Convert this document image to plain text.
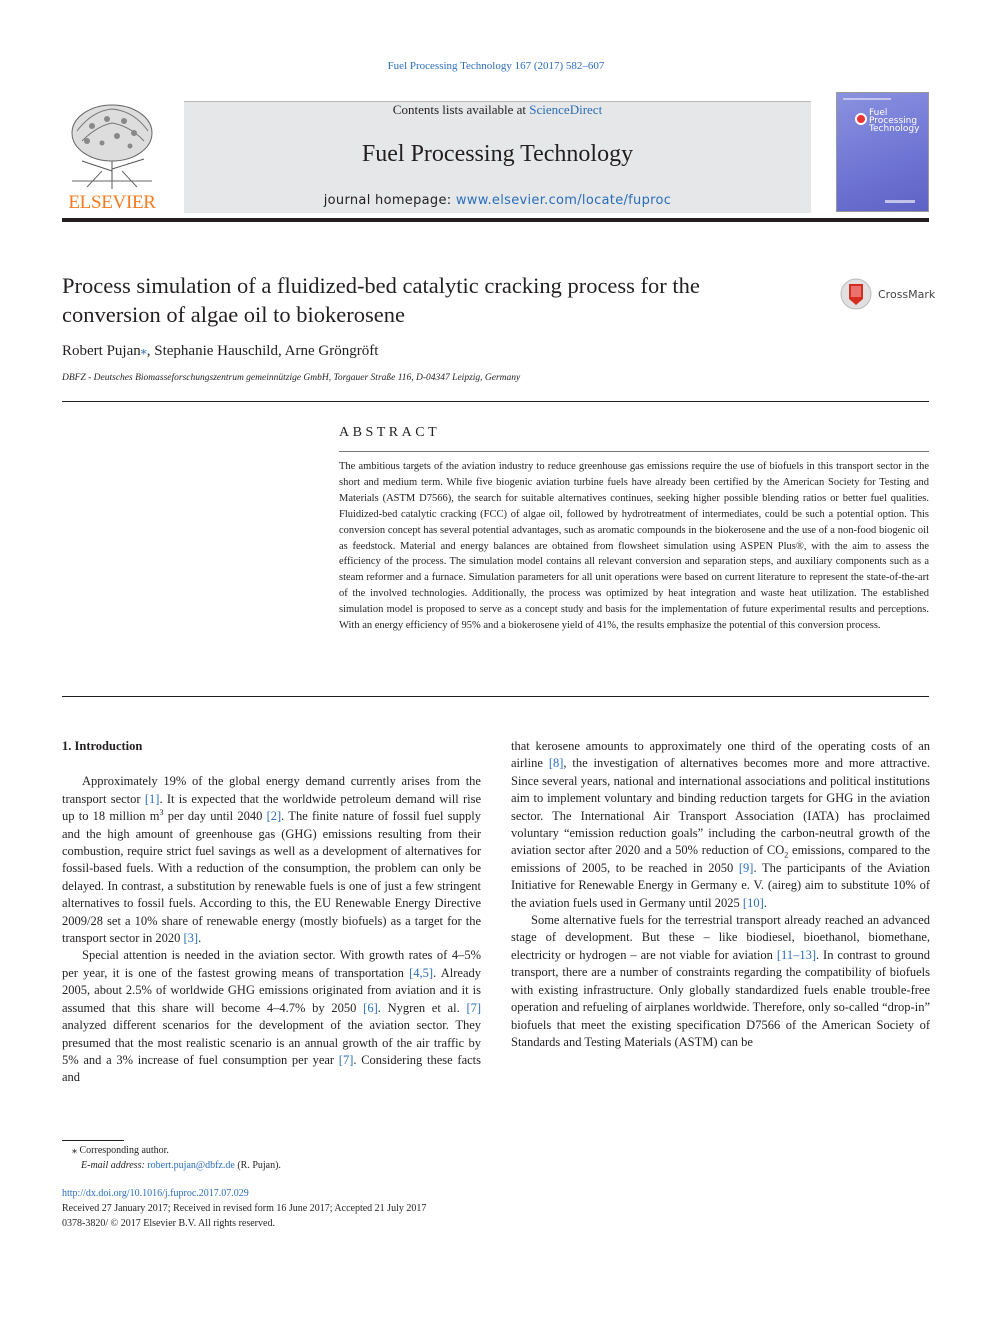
Fuel Processing Technology 167 (2017) 582–607
ELSEVIER
Contents lists available at ScienceDirect
Fuel Processing Technology
journal homepage: www.elsevier.com/locate/fuproc
Fuel Processing Technology
Process simulation of a fluidized-bed catalytic cracking process for the conversion of algae oil to biokerosene
CrossMark
Robert Pujan⁎, Stephanie Hauschild, Arne Gröngröft
DBFZ - Deutsches Biomasseforschungszentrum gemeinnützige GmbH, Torgauer Straße 116, D-04347 Leipzig, Germany
ABSTRACT
The ambitious targets of the aviation industry to reduce greenhouse gas emissions require the use of biofuels in this transport sector in the short and medium term. While five biogenic aviation turbine fuels have already been certified by the American Society for Testing and Materials (ASTM D7566), the search for suitable alternatives continues, seeking higher possible blending ratios or better fuel qualities. Fluidized-bed catalytic cracking (FCC) of algae oil, followed by hydrotreatment of intermediates, could be such a potential option. This conversion concept has several potential advantages, such as aromatic compounds in the biokerosene and the use of a non-food biogenic oil as feedstock. Material and energy balances are obtained from flowsheet simulation using ASPEN Plus®, with the aim to assess the efficiency of the process. The simulation model contains all relevant conversion and separation steps, and auxiliary components such as a steam reformer and a furnace. Simulation parameters for all unit operations were based on current literature to represent the state-of-the-art of the involved technologies. Additionally, the process was optimized by heat integration and waste heat utilization. The established simulation model is proposed to serve as a concept study and basis for the implementation of future experimental results and perceptions. With an energy efficiency of 95% and a biokerosene yield of 41%, the results emphasize the potential of this conversion process.
1. Introduction

Approximately 19% of the global energy demand currently arises from the transport sector [1]. It is expected that the worldwide petroleum demand will rise up to 18 million $m^3$ per day until 2040 [2]. The finite nature of fossil fuel supply and the high amount of greenhouse gas (GHG) emissions resulting from their combustion, require strict fuel savings as well as a development of alternatives for fossil-based fuels. With a reduction of the consumption, the problem can only be delayed. In contrast, a substitution by renewable fuels is one of just a few stringent alternatives to fossil fuels. According to this, the EU Renewable Energy Directive 2009/28 set a 10% share of renewable energy (mostly biofuels) as a target for the transport sector in 2020 [3].

Special attention is needed in the aviation sector. With growth rates of 4–5% per year, it is one of the fastest growing means of transportation [4,5]. Already 2005, about 2.5% of worldwide GHG emissions originated from aviation and it is assumed that this share will become 4–4.7% by 2050 [6]. Nygren et al. [7] analyzed different scenarios for the development of the aviation sector. They presumed that the most realistic scenario is an annual growth of the air traffic by 5% and a 3% increase of fuel consumption per year [7]. Considering these facts and

that kerosene amounts to approximately one third of the operating costs of an airline [8], the investigation of alternatives becomes more and more attractive. Since several years, national and international associations and political institutions aim to implement voluntary and binding reduction targets for GHG in the aviation sector. The International Air Transport Association (IATA) has proclaimed voluntary “emission reduction goals” including the carbon-neutral growth of the aviation sector after 2020 and a 50% reduction of $CO_2$ emissions, compared to the emissions of 2005, to be reached in 2050 [9]. The participants of the Aviation Initiative for Renewable Energy in Germany e. V. (aireg) aim to substitute 10% of the aviation fuels used in Germany until 2025 [10].

Some alternative fuels for the terrestrial transport already reached an advanced stage of development. But these – like biodiesel, bioethanol, biomethane, electricity or hydrogen – are not viable for aviation [11–13]. In contrast to ground transport, there are a number of constraints regarding the compatibility of biofuels with existing infrastructure. Only globally standardized fuels enable trouble-free operation and refueling of airplanes worldwide. Therefore, only so-called “drop-in” biofuels that meet the existing specification D7566 of the American Society of Standards and Testing Materials (ASTM) can be

⁎ Corresponding author.
E-mail address: robert.pujan@dbfz.de (R. Pujan).
http://dx.doi.org/10.1016/j.fuproc.2017.07.029
Received 27 January 2017; Received in revised form 16 June 2017; Accepted 21 July 2017
0378-3820/ © 2017 Elsevier B.V. All rights reserved.
